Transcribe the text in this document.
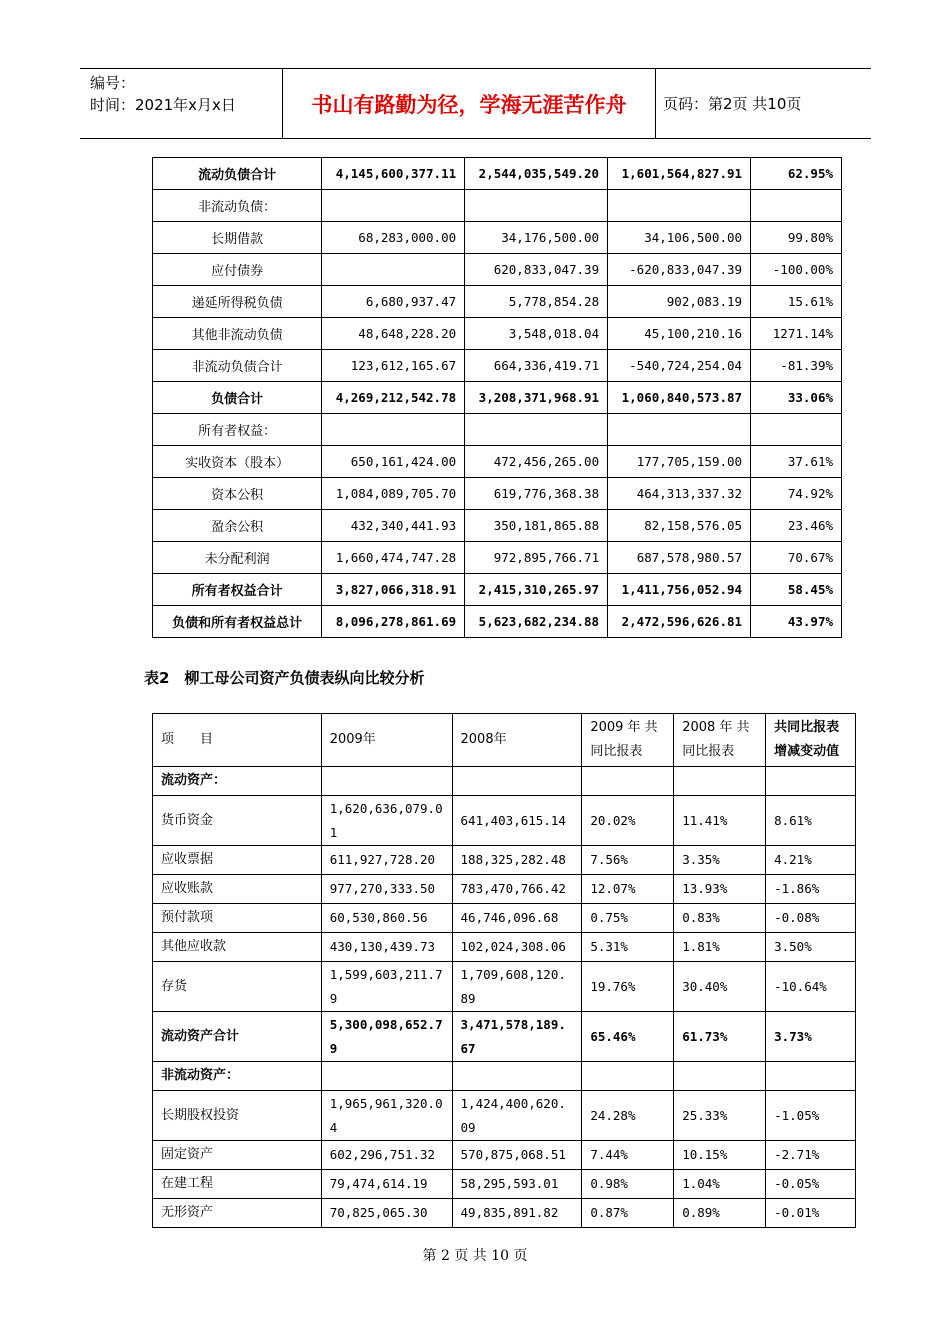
编号：
时间：2021年x月x日	书山有路勤为径，学海无涯苦作舟	页码：第2页 共10页
流动负债合计	4,145,600,377.11	2,544,035,549.20	1,601,564,827.91	62.95%
非流动负债：				
长期借款	68,283,000.00	34,176,500.00	34,106,500.00	99.80%
应付债券		620,833,047.39	-620,833,047.39	-100.00%
递延所得税负债	6,680,937.47	5,778,854.28	902,083.19	15.61%
其他非流动负债	48,648,228.20	3,548,018.04	45,100,210.16	1271.14%
非流动负债合计	123,612,165.67	664,336,419.71	-540,724,254.04	-81.39%
负债合计	4,269,212,542.78	3,208,371,968.91	1,060,840,573.87	33.06%
所有者权益：				
实收资本（股本）	650,161,424.00	472,456,265.00	177,705,159.00	37.61%
资本公积	1,084,089,705.70	619,776,368.38	464,313,337.32	74.92%
盈余公积	432,340,441.93	350,181,865.88	82,158,576.05	23.46%
未分配利润	1,660,474,747.28	972,895,766.71	687,578,980.57	70.67%
所有者权益合计	3,827,066,318.91	2,415,310,265.97	1,411,756,052.94	58.45%
负债和所有者权益总计	8,096,278,861.69	5,623,682,234.88	2,472,596,626.81	43.97%
表2　柳工母公司资产负债表纵向比较分析
项　　目	2009年	2008年	2009 年 共同比报表	2008 年 共同比报表	共同比报表增减变动值
流动资产：					
货币资金	1,620,636,079.01	641,403,615.14	20.02%	11.41%	8.61%
应收票据	611,927,728.20	188,325,282.48	7.56%	3.35%	4.21%
应收账款	977,270,333.50	783,470,766.42	12.07%	13.93%	-1.86%
预付款项	60,530,860.56	46,746,096.68	0.75%	0.83%	-0.08%
其他应收款	430,130,439.73	102,024,308.06	5.31%	1.81%	3.50%
存货	1,599,603,211.79	1,709,608,120.89	19.76%	30.40%	-10.64%
流动资产合计	5,300,098,652.79	3,471,578,189.67	65.46%	61.73%	3.73%
非流动资产：					
长期股权投资	1,965,961,320.04	1,424,400,620.09	24.28%	25.33%	-1.05%
固定资产	602,296,751.32	570,875,068.51	7.44%	10.15%	-2.71%
在建工程	79,474,614.19	58,295,593.01	0.98%	1.04%	-0.05%
无形资产	70,825,065.30	49,835,891.82	0.87%	0.89%	-0.01%
第 2 页 共 10 页
